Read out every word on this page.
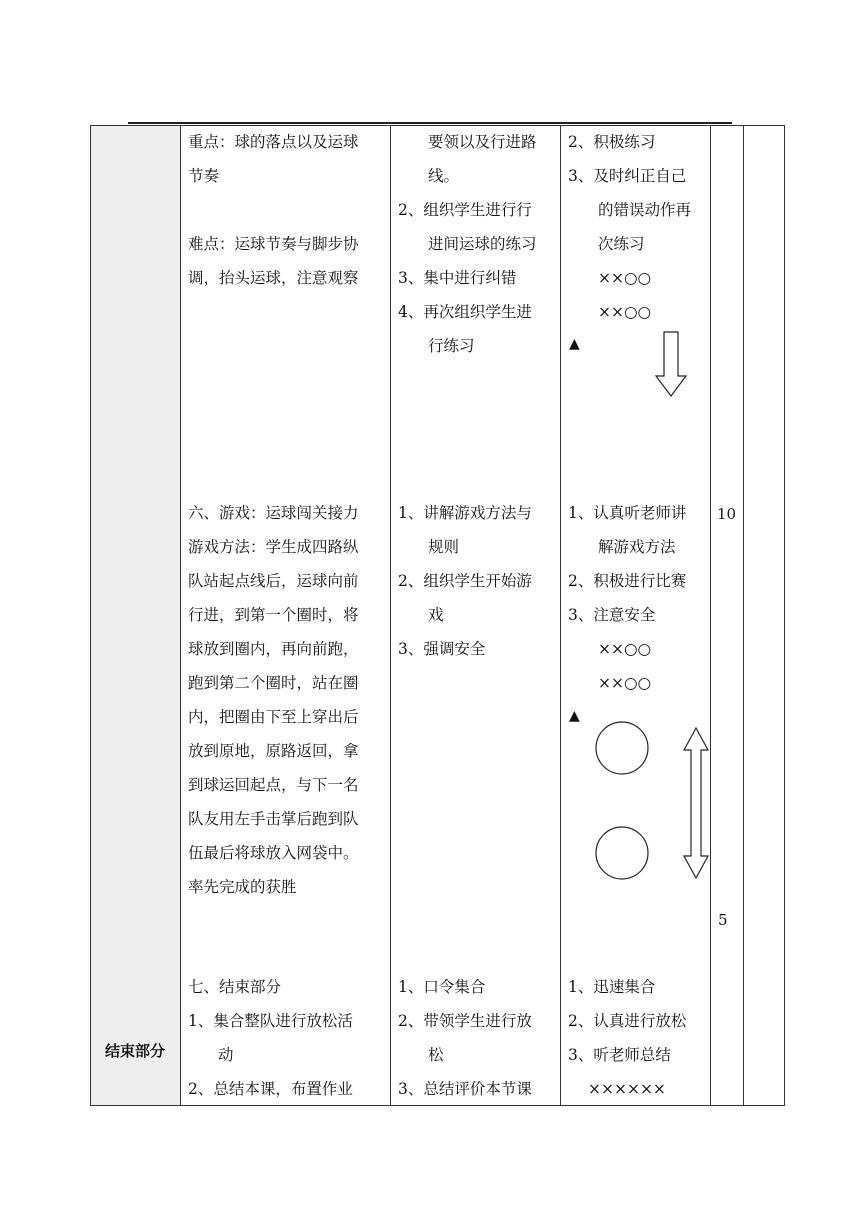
重点：球的落点以及运球
节奏
难点：运球节奏与脚步协
调，抬头运球，注意观察
六、游戏：运球闯关接力
游戏方法：学生成四路纵
队站起点线后，运球向前
行进，到第一个圈时，将
球放到圈内，再向前跑，
跑到第二个圈时，站在圈
内，把圈由下至上穿出后
放到原地，原路返回，拿
到球运回起点，与下一名
队友用左手击掌后跑到队
伍最后将球放入网袋中。
率先完成的获胜
七、结束部分
1、集合整队进行放松活
动
2、总结本课，布置作业
要领以及行进路
线。
2、组织学生进行行
进间运球的练习
3、集中进行纠错
4、再次组织学生进
行练习
1、讲解游戏方法与
规则
2、组织学生开始游
戏
3、强调安全
1、口令集合
2、带领学生进行放
松
3、总结评价本节课
2、积极练习
3、及时纠正自己
的错误动作再
次练习
××○○
××○○
▲
1、认真听老师讲
解游戏方法
2、积极进行比赛
3、注意安全
××○○
××○○
▲
1、迅速集合
2、认真进行放松
3、听老师总结
××××××
10
5
结束部分
